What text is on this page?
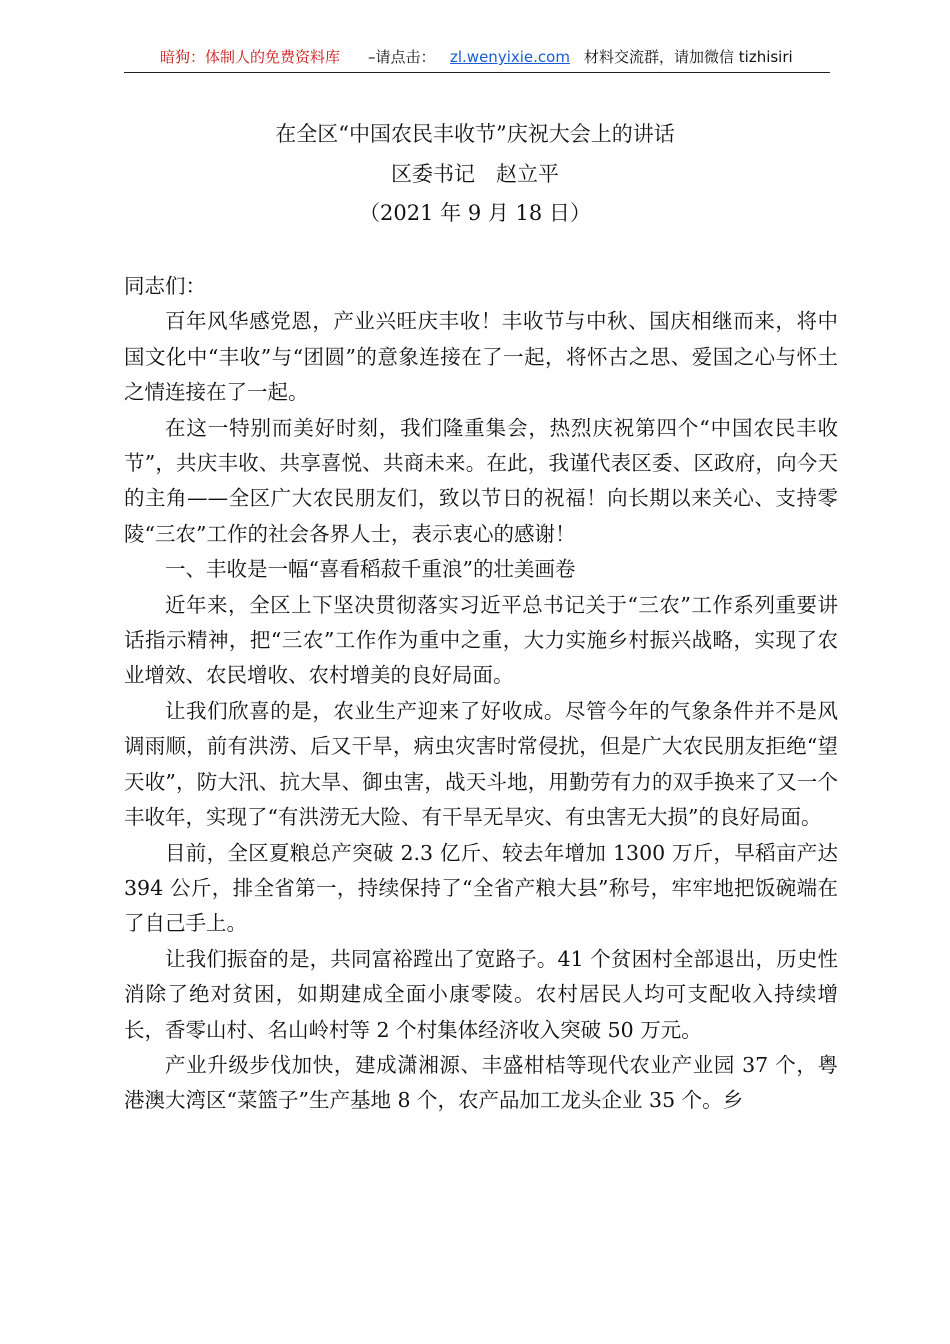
暗狗：体制人的免费资料库 –请点击： zl.wenyixie.com 材料交流群，请加微信 tizhisiri
在全区“中国农民丰收节”庆祝大会上的讲话
区委书记　赵立平
（2021 年 9 月 18 日）

同志们：

百年风华感党恩，产业兴旺庆丰收！丰收节与中秋、国庆相继而来，将中国文化中“丰收”与“团圆”的意象连接在了一起，将怀古之思、爱国之心与怀土之情连接在了一起。

在这一特别而美好时刻，我们隆重集会，热烈庆祝第四个“中国农民丰收节”，共庆丰收、共享喜悦、共商未来。在此，我谨代表区委、区政府，向今天的主角——全区广大农民朋友们，致以节日的祝福！向长期以来关心、支持零陵“三农”工作的社会各界人士，表示衷心的感谢！

一、丰收是一幅“喜看稻菽千重浪”的壮美画卷

近年来，全区上下坚决贯彻落实习近平总书记关于“三农”工作系列重要讲话指示精神，把“三农”工作作为重中之重，大力实施乡村振兴战略，实现了农业增效、农民增收、农村增美的良好局面。

让我们欣喜的是，农业生产迎来了好收成。尽管今年的气象条件并不是风调雨顺，前有洪涝、后又干旱，病虫灾害时常侵扰，但是广大农民朋友拒绝“望天收”，防大汛、抗大旱、御虫害，战天斗地，用勤劳有力的双手换来了又一个丰收年，实现了“有洪涝无大险、有干旱无旱灾、有虫害无大损”的良好局面。

目前，全区夏粮总产突破 2.3 亿斤、较去年增加 1300 万斤，早稻亩产达 394 公斤，排全省第一，持续保持了“全省产粮大县”称号，牢牢地把饭碗端在了自己手上。

让我们振奋的是，共同富裕蹚出了宽路子。41 个贫困村全部退出，历史性消除了绝对贫困，如期建成全面小康零陵。农村居民人均可支配收入持续增长，香零山村、名山岭村等 2 个村集体经济收入突破 50 万元。

产业升级步伐加快，建成潇湘源、丰盛柑桔等现代农业产业园 37 个，粤港澳大湾区“菜篮子”生产基地 8 个，农产品加工龙头企业 35 个。乡
